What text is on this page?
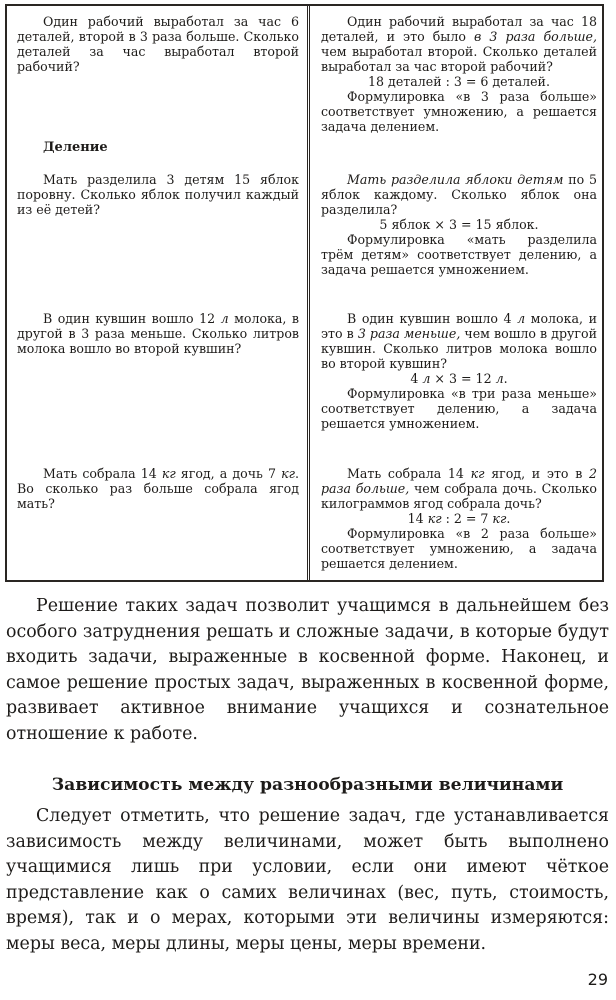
Один рабочий выработал за час 6 деталей, второй в 3 раза больше. Сколько деталей за час выработал второй рабочий?

Деление

Мать разделила 3 детям 15 яблок поровну. Сколько яблок получил каждый из её детей?

В один кувшин вошло 12 л молока, в другой в 3 раза меньше. Сколько литров молока вошло во второй кувшин?

Мать собрала 14 кг ягод, а дочь 7 кг. Во сколько раз больше собрала ягод мать?

Один рабочий выработал за час 18 деталей, и это было в 3 раза больше, чем выработал второй. Сколько деталей выработал за час второй рабочий?

18 деталей : 3 = 6 деталей.

Формулировка «в 3 раза больше» соответствует умножению, а решается задача делением.

Мать разделила яблоки детям по 5 яблок каждому. Сколько яблок она разделила?

5 яблок × 3 = 15 яблок.

Формулировка «мать разделила трём детям» соответствует делению, а задача решается умножением.

В один кувшин вошло 4 л молока, и это в 3 раза меньше, чем вошло в другой кувшин. Сколько литров молока вошло во второй кувшин?

4 л × 3 = 12 л.

Формулировка «в три раза меньше» соответствует делению, а задача решается умножением.

Мать собрала 14 кг ягод, и это в 2 раза больше, чем собрала дочь. Сколько килограммов ягод собрала дочь?

14 кг : 2 = 7 кг.

Формулировка «в 2 раза больше» соответствует умножению, а задача решается делением.

Решение таких задач позволит учащимся в дальнейшем без особого затруднения решать и сложные задачи, в которые будут входить задачи, выраженные в косвенной форме. Наконец, и самое решение простых задач, выраженных в косвенной форме, развивает активное внимание учащихся и сознательное отношение к работе.

Зависимость между разнообразными величинами

Следует отметить, что решение задач, где устанавливается зависимость между величинами, может быть выполнено учащимися лишь при условии, если они имеют чёткое представление как о самих величинах (вес, путь, стоимость, время), так и о мерах, которыми эти величины измеряются: меры веса, меры длины, меры цены, меры времени.

29
